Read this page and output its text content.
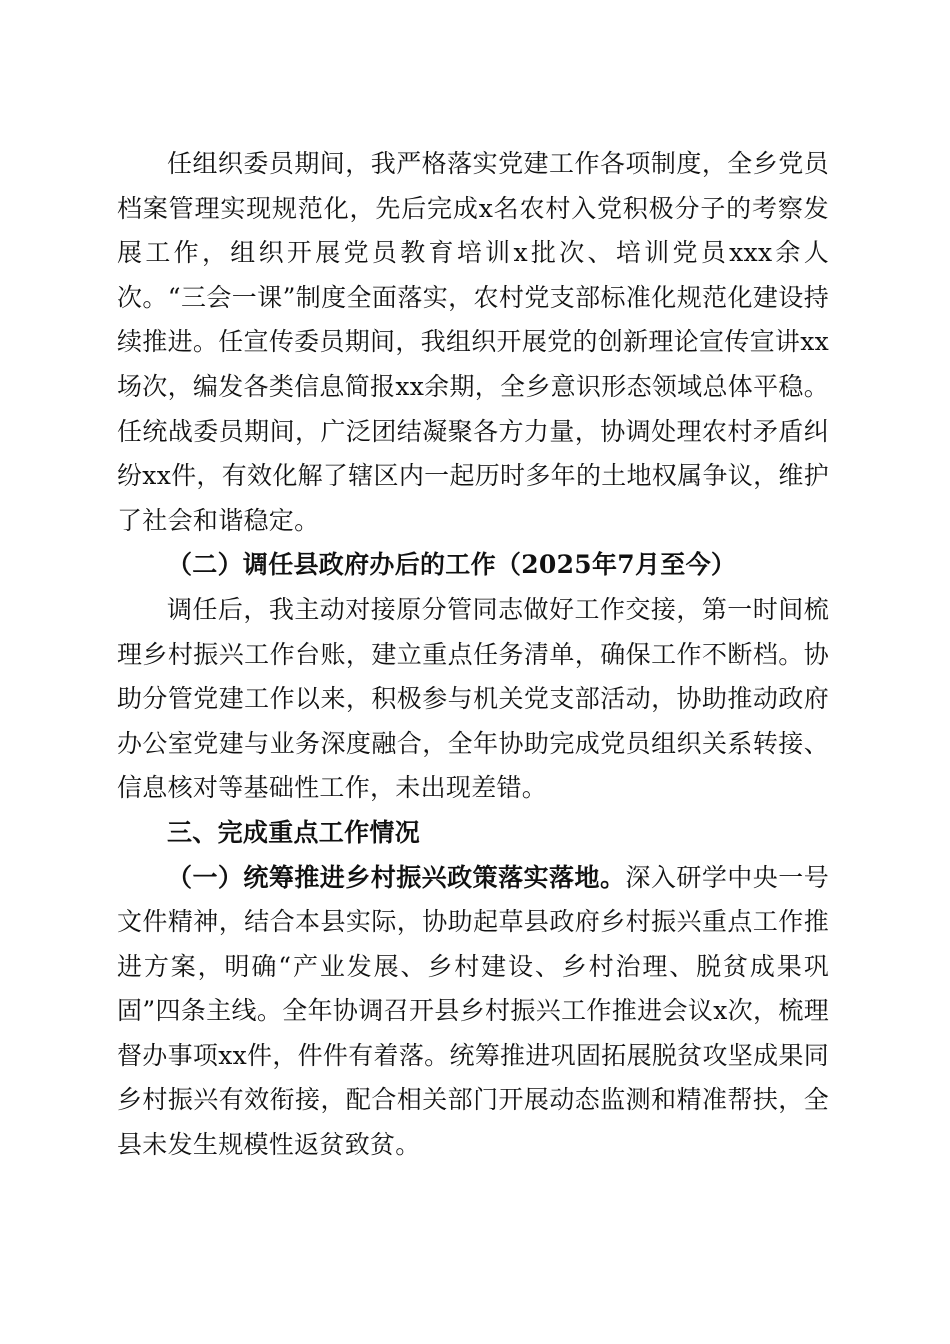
任组织委员期间，我严格落实党建工作各项制度，全乡党员档案管理实现规范化，先后完成x名农村入党积极分子的考察发展工作，组织开展党员教育培训x批次、培训党员xxx余人次。“三会一课”制度全面落实，农村党支部标准化规范化建设持续推进。任宣传委员期间，我组织开展党的创新理论宣传宣讲xx场次，编发各类信息简报xx余期，全乡意识形态领域总体平稳。任统战委员期间，广泛团结凝聚各方力量，协调处理农村矛盾纠纷xx件，有效化解了辖区内一起历时多年的土地权属争议，维护了社会和谐稳定。

（二）调任县政府办后的工作（2025年7月至今）

调任后，我主动对接原分管同志做好工作交接，第一时间梳理乡村振兴工作台账，建立重点任务清单，确保工作不断档。协助分管党建工作以来，积极参与机关党支部活动，协助推动政府办公室党建与业务深度融合，全年协助完成党员组织关系转接、信息核对等基础性工作，未出现差错。

三、完成重点工作情况

（一）统筹推进乡村振兴政策落实落地。深入研学中央一号文件精神，结合本县实际，协助起草县政府乡村振兴重点工作推进方案，明确“产业发展、乡村建设、乡村治理、脱贫成果巩固”四条主线。全年协调召开县乡村振兴工作推进会议x次，梳理督办事项xx件，件件有着落。统筹推进巩固拓展脱贫攻坚成果同乡村振兴有效衔接，配合相关部门开展动态监测和精准帮扶，全县未发生规模性返贫致贫。
